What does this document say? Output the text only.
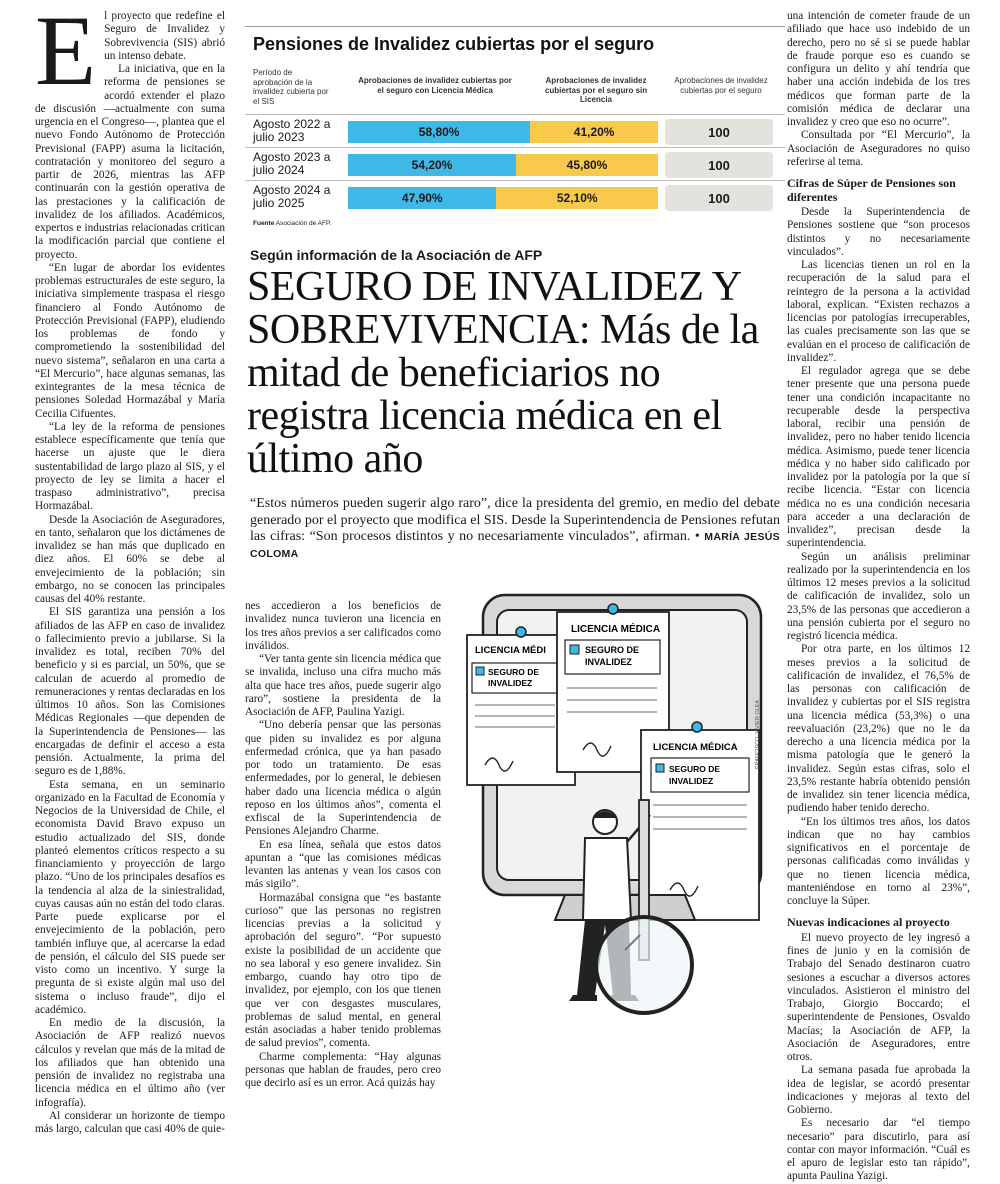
E l proyecto que redefine el Seguro de Invalidez y Sobrevivencia (SIS) abrió un intenso debate.

La iniciativa, que en la reforma de pensiones se acordó extender el plazo de discusión —actualmente con suma urgencia en el Congreso—, plantea que el nuevo Fondo Autónomo de Protección Previsional (FAPP) asuma la licitación, contratación y monitoreo del seguro a partir de 2026, mientras las AFP continuarán con la gestión operativa de las prestaciones y la calificación de invalidez de los afiliados. Académicos, expertos e industrias relacionadas critican la modificación parcial que contiene el proyecto.

“En lugar de abordar los evidentes problemas estructurales de este seguro, la iniciativa simplemente traspasa el riesgo financiero al Fondo Autónomo de Protección Previsional (FAPP), eludiendo los problemas de fondo y comprometiendo la sostenibilidad del nuevo sistema”, señalaron en una carta a “El Mercurio”, hace algunas semanas, las exintegrantes de la mesa técnica de pensiones Soledad Hormazábal y María Cecilia Cifuentes.

“La ley de la reforma de pensiones establece específicamente que tenía que hacerse un ajuste que le diera sustentabilidad de largo plazo al SIS, y el proyecto de ley se limita a hacer el traspaso administrativo”, precisa Hormazábal.

Desde la Asociación de Aseguradores, en tanto, señalaron que los dictámenes de invalidez se han más que duplicado en diez años. El 60% se debe al envejecimiento de la población; sin embargo, no se conocen las principales causas del 40% restante.

El SIS garantiza una pensión a los afiliados de las AFP en caso de invalidez o fallecimiento previo a jubilarse. Si la invalidez es total, reciben 70% del beneficio y si es parcial, un 50%, que se calculan de acuerdo al promedio de remuneraciones y rentas declaradas en los últimos 10 años. Son las Comisiones Médicas Regionales —que dependen de la Superintendencia de Pensiones— las encargadas de definir el acceso a esta pensión. Actualmente, la prima del seguro es de 1,88%.

Esta semana, en un seminario organizado en la Facultad de Economía y Negocios de la Universidad de Chile, el economista David Bravo expuso un estudio actualizado del SIS, donde planteó elementos críticos respecto a su financiamiento y proyección de largo plazo. “Uno de los principales desafíos es la tendencia al alza de la siniestralidad, cuyas causas aún no están del todo claras. Parte puede explicarse por el envejecimiento de la población, pero también influye que, al acercarse la edad de pensión, el cálculo del SIS puede ser visto como un incentivo. Y surge la pregunta de si existe algún mal uso del sistema o incluso fraude”, dijo el académico.

En medio de la discusión, la Asociación de AFP realizó nuevos cálculos y revelan que más de la mitad de los afiliados que han obtenido una pensión de invalidez no registraba una licencia médica en el último año (ver infografía).

Al considerar un horizonte de tiempo más largo, calculan que casi 40% de quie-

Pensiones de Invalidez cubiertas por el seguro
Período de aprobación de la invalidez cubierta por el SIS
Aprobaciones de invalidez cubiertas por el seguro con Licencia Médica
Aprobaciones de invalidez cubiertas por el seguro sin Licencia
Aprobaciones de invalidez cubiertas por el seguro
Agosto 2022 a julio 2023	58,80%	41,20%	100
Agosto 2023 a julio 2024	54,20%	45,80%	100
Agosto 2024 a julio 2025	47,90%	52,10%	100
Fuente Asociación de AFP.
Según información de la Asociación de AFP
SEGURO DE INVALIDEZ Y SOBREVIVENCIA: Más de la mitad de beneficiarios no registra licencia médica en el último año
“Estos números pueden sugerir algo raro”, dice la presidenta del gremio, en medio del debate generado por el proyecto que modifica el SIS. Desde la Superintendencia de Pensiones refutan las cifras: “Son procesos distintos y no necesariamente vinculados”, afirman. • MARÍA JESÚS COLOMA

nes accedieron a los beneficios de invalidez nunca tuvieron una licencia en los tres años previos a ser calificados como inválidos.

“Ver tanta gente sin licencia médica que se invalida, incluso una cifra mucho más alta que hace tres años, puede sugerir algo raro”, sostiene la presidenta de la Asociación de AFP, Paulina Yazigi.

“Uno debería pensar que las personas que piden su invalidez es por alguna enfermedad crónica, que ya han pasado por todo un tratamiento. De esas enfermedades, por lo general, le debiesen haber dado una licencia médica o algún reposo en los últimos años”, comenta el exfiscal de la Superintendencia de Pensiones Alejandro Charme.

En esa línea, señala que estos datos apuntan a “que las comisiones médicas levanten las antenas y vean los casos con más sigilo”.

Hormazábal consigna que “es bastante curioso” que las personas no registren licencias previas a la solicitud y aprobación del seguro”. “Por supuesto existe la posibilidad de un accidente que no sea laboral y eso genere invalidez. Sin embargo, cuando hay otro tipo de invalidez, por ejemplo, con los que tienen que ver con desgastes musculares, problemas de salud mental, en general están asociadas a haber tenido problemas de salud previos”, comenta.

Charme complementa: “Hay algunas personas que hablan de fraudes, pero creo que decirlo así es un error. Acá quizás hay

una intención de cometer fraude de un afiliado que hace uso indebido de un derecho, pero no sé si se puede hablar de fraude porque eso es cuando se configura un delito y ahí tendría que haber una acción indebida de los tres médicos que forman parte de la comisión médica de declarar una invalidez y creo que eso no ocurre”.

Consultada por “El Mercurio”, la Asociación de Aseguradores no quiso referirse al tema.

Cifras de Súper de Pensiones son diferentes

Desde la Superintendencia de Pensiones sostiene que “son procesos distintos y no necesariamente vinculados”.

Las licencias tienen un rol en la recuperación de la salud para el reintegro de la persona a la actividad laboral, explican. “Existen rechazos a licencias por patologías irrecuperables, las cuales precisamente son las que se evalúan en el proceso de calificación de invalidez”.

El regulador agrega que se debe tener presente que una persona puede tener una condición incapacitante no recuperable desde la perspectiva laboral, recibir una pensión de invalidez, pero no haber tenido licencia médica. Asimismo, puede tener licencia médica y no haber sido calificado por invalidez por la patología por la que sí recibe licencia. “Estar con licencia médica no es una condición necesaria para acceder a una declaración de invalidez”, precisan desde la superintendencia.

Según un análisis preliminar realizado por la superintendencia en los últimos 12 meses previos a la solicitud de calificación de invalidez, solo un 23,5% de las personas que accedieron a una pensión cubierta por el seguro no registró licencia médica.

Por otra parte, en los últimos 12 meses previos a la solicitud de calificación de invalidez, el 76,5% de las personas con calificación de invalidez y cubiertas por el SIS registra una licencia médica (53,3%) o una reevaluación (23,2%) que no le da derecho a una licencia médica por la misma patología que le generó la invalidez. Según estas cifras, solo el 23,5% restante habría obtenido pensión de invalidez sin tener licencia médica, pudiendo haber tenido derecho.

“En los últimos tres años, los datos indican que no hay cambios significativos en el porcentaje de personas calificadas como inválidas y que no tienen licencia médica, manteniéndose en torno al 23%”, concluye la Súper.

Nuevas indicaciones al proyecto

El nuevo proyecto de ley ingresó a fines de junio y en la comisión de Trabajo del Senado destinaron cuatro sesiones a escuchar a diversos actores vinculados. Asistieron el ministro del Trabajo, Giorgio Boccardo; el superintendente de Pensiones, Osvaldo Macías; la Asociación de AFP, la Asociación de Aseguradores, entre otros.

La semana pasada fue aprobada la idea de legislar, se acordó presentar indicaciones y mejoras al texto del Gobierno.

Es necesario dar “el tiempo necesario” para discutirlo, para así contar con mayor información. “Cuál es el apuro de legislar esto tan rápido”, apunta Paulina Yazigi.

LICENCIA MÉDI
SEGURO DE
INVALIDEZ
LICENCIA MÉDICA
SEGURO DE
INVALIDEZ
LICENCIA MÉDICA
SEGURO DE
INVALIDEZ
FRANCISCO JAVIER OLEA
